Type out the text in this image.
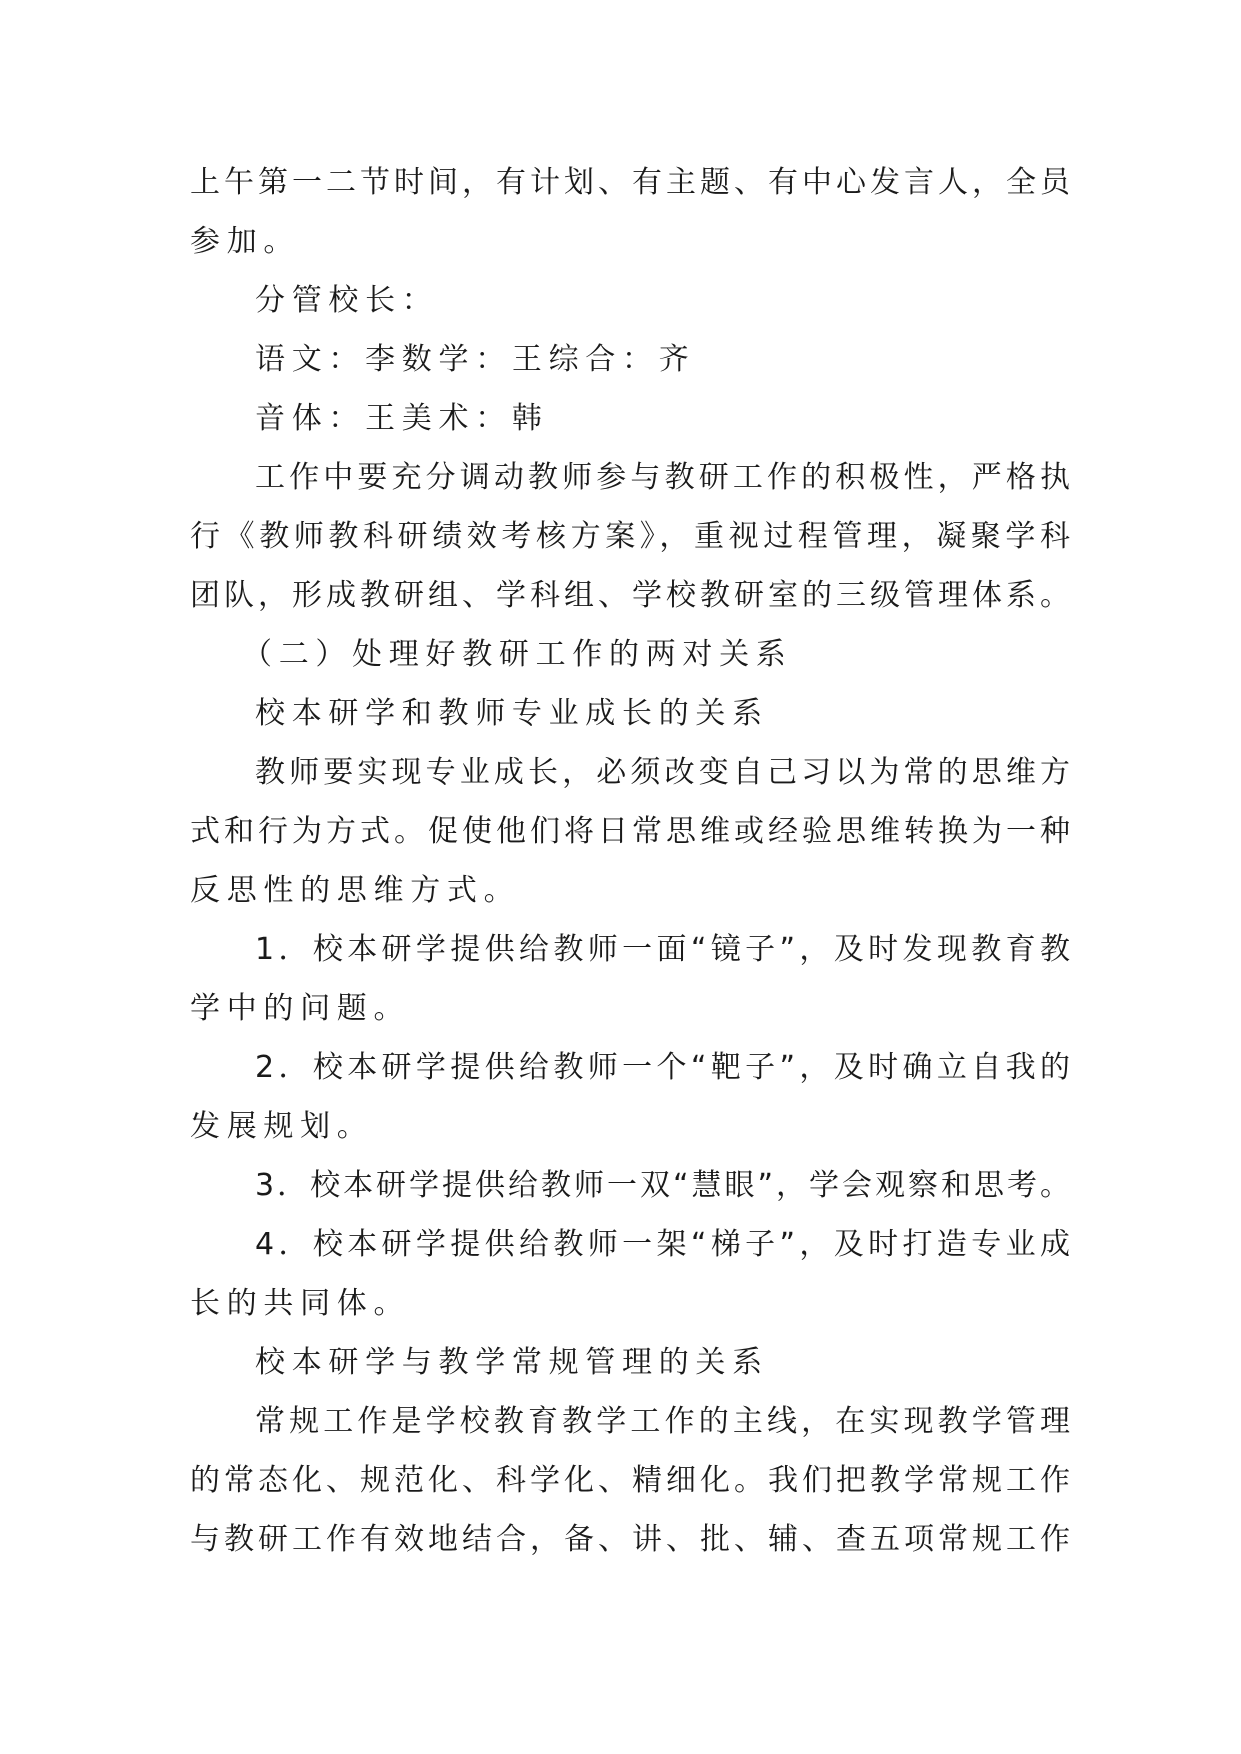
上午第一二节时间，有计划、有主题、有中心发言人，全员
参加。
分管校长：
语文：李数学：王综合：齐
音体：王美术：韩
工作中要充分调动教师参与教研工作的积极性，严格执
行《教师教科研绩效考核方案》，重视过程管理，凝聚学科
团队，形成教研组、学科组、学校教研室的三级管理体系。
（二）处理好教研工作的两对关系
校本研学和教师专业成长的关系
教师要实现专业成长，必须改变自己习以为常的思维方
式和行为方式。促使他们将日常思维或经验思维转换为一种
反思性的思维方式。
1．校本研学提供给教师一面“镜子”，及时发现教育教
学中的问题。
2．校本研学提供给教师一个“靶子”，及时确立自我的
发展规划。
3．校本研学提供给教师一双“慧眼”，学会观察和思考。
4．校本研学提供给教师一架“梯子”，及时打造专业成
长的共同体。
校本研学与教学常规管理的关系
常规工作是学校教育教学工作的主线，在实现教学管理
的常态化、规范化、科学化、精细化。我们把教学常规工作
与教研工作有效地结合，备、讲、批、辅、查五项常规工作
